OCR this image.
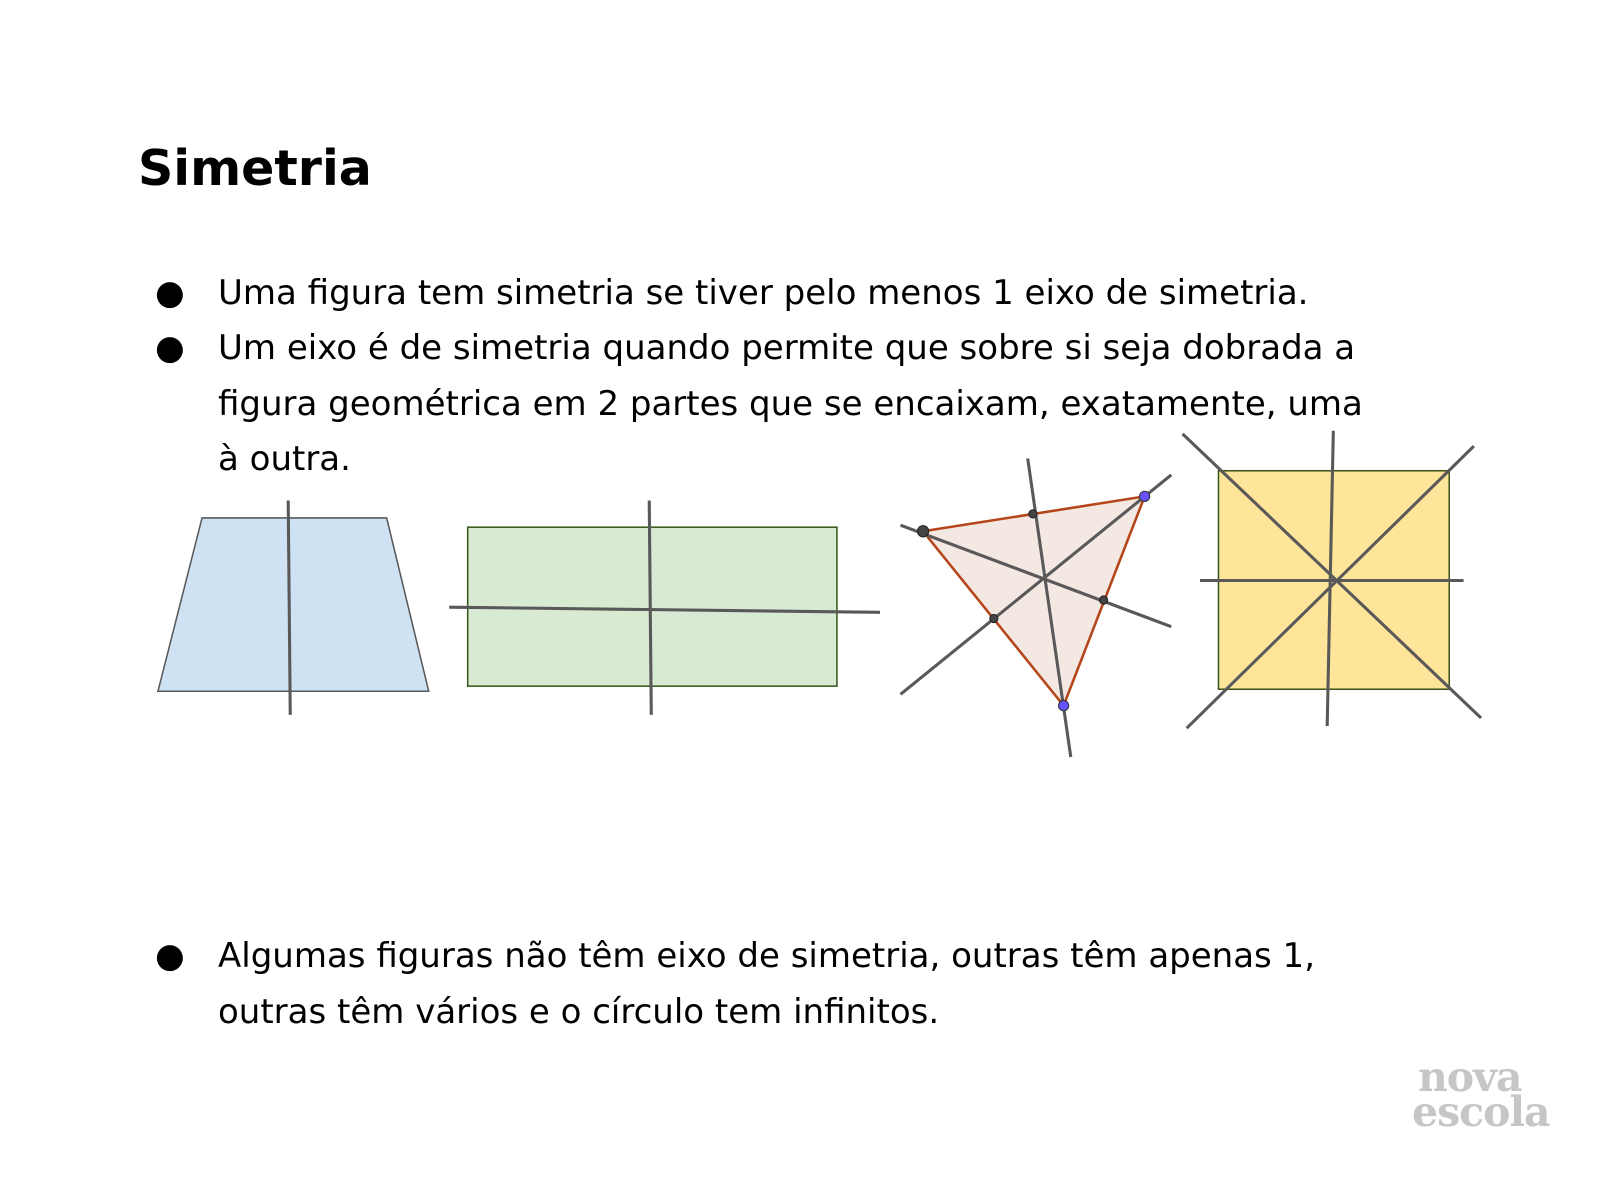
Simetria
● Uma figura tem simetria se tiver pelo menos 1 eixo de simetria.
● Um eixo é de simetria quando permite que sobre si seja dobrada a
figura geométrica em 2 partes que se encaixam, exatamente, uma
à outra.
● Algumas figuras não têm eixo de simetria, outras têm apenas 1,
outras têm vários e o círculo tem infinitos.
nova
escola
